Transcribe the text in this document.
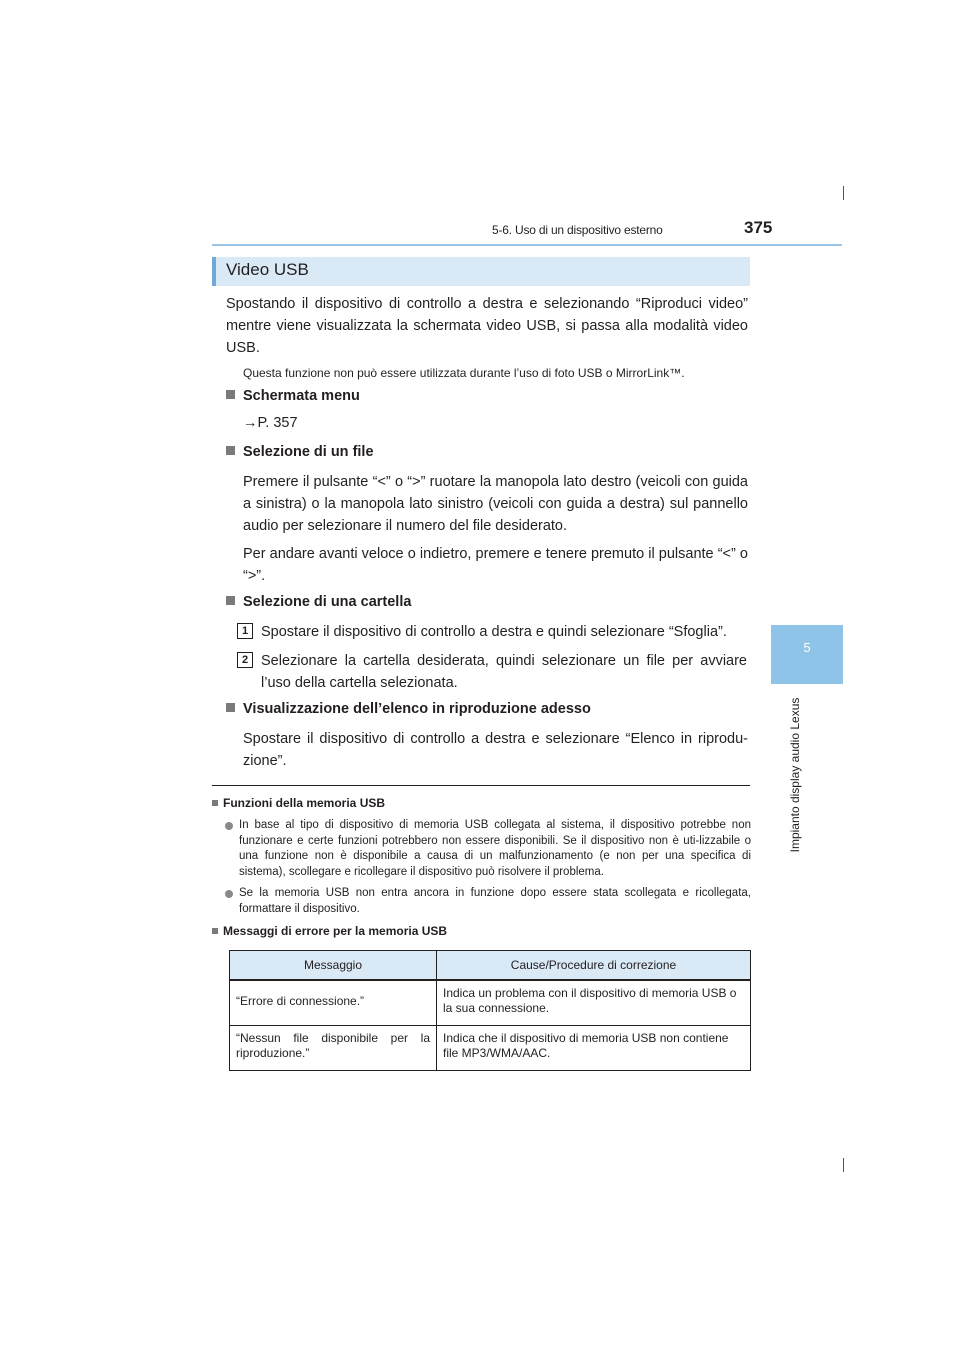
5-6. Uso di un dispositivo esterno	375
5
Impianto display audio Lexus
Video USB
Spostando il dispositivo di controllo a destra e selezionando “Riproduci video” mentre viene visualizzata la schermata video USB, si passa alla modalità video USB.
Questa funzione non può essere utilizzata durante l’uso di foto USB o MirrorLink™.
Schermata menu
→P. 357
Selezione di un file
Premere il pulsante “<” o “>” ruotare la manopola lato destro (veicoli con guida a sinistra) o la manopola lato sinistro (veicoli con guida a destra) sul pannello audio per selezionare il numero del file desiderato.
Per andare avanti veloce o indietro, premere e tenere premuto il pulsante “<” o “>”.
Selezione di una cartella
1 Spostare il dispositivo di controllo a destra e quindi selezionare “Sfoglia”.
2 Selezionare la cartella desiderata, quindi selezionare un file per avviare l’uso della cartella selezionata.
Visualizzazione dell’elenco in riproduzione adesso
Spostare il dispositivo di controllo a destra e selezionare “Elenco in riprodu-zione”.
Funzioni della memoria USB
In base al tipo di dispositivo di memoria USB collegata al sistema, il dispositivo potrebbe non funzionare e certe funzioni potrebbero non essere disponibili. Se il dispositivo non è uti-lizzabile o una funzione non è disponibile a causa di un malfunzionamento (e non per una specifica di sistema), scollegare e ricollegare il dispositivo può risolvere il problema.
Se la memoria USB non entra ancora in funzione dopo essere stata scollegata e ricollegata, formattare il dispositivo.
Messaggi di errore per la memoria USB
Messaggio	Cause/Procedure di correzione
“Errore di connessione.”	Indica un problema con il dispositivo di memoria USB o la sua connessione.
“Nessun file disponibile per la riproduzione.”	Indica che il dispositivo di memoria USB non contiene file MP3/WMA/AAC.
